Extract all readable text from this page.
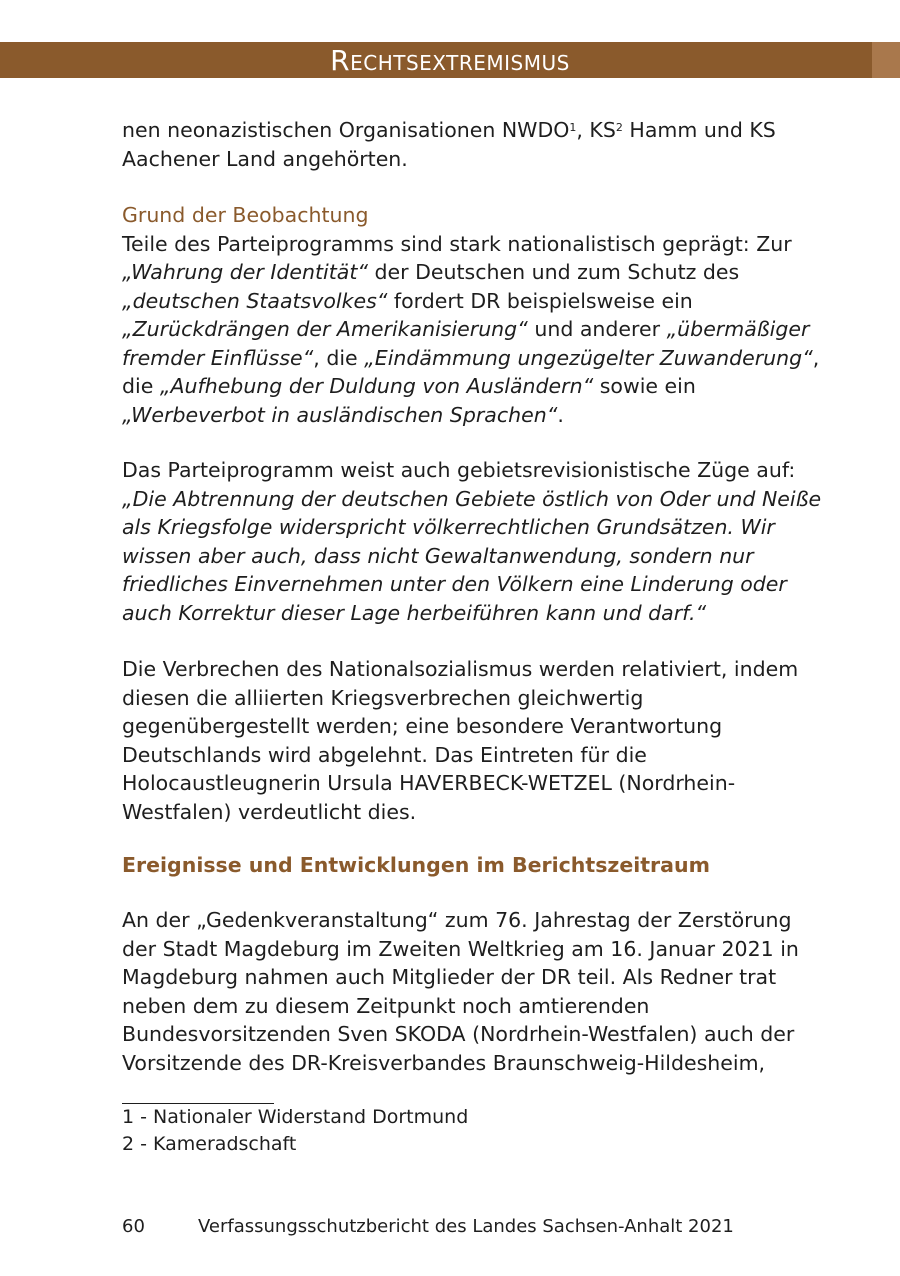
Rechtsextremismus

nen neonazistischen Organisationen NWDO$^1$, $KS^2$ Hamm und KS Aachener Land angehörten.

Grund der Beobachtung

Teile des Parteiprogramms sind stark nationalistisch geprägt: Zur „Wahrung der Identität“ der Deutschen und zum Schutz des „deutschen Staatsvolkes“ fordert DR beispielsweise ein „Zurückdrängen der Amerikanisierung“ und anderer „übermäßiger fremder Einflüsse“, die „Eindämmung ungezügelter Zuwanderung“, die „Aufhebung der Duldung von Ausländern“ sowie ein „Werbeverbot in ausländischen Sprachen“.

Das Parteiprogramm weist auch gebietsrevisionistische Züge auf: „Die Abtrennung der deutschen Gebiete östlich von Oder und Neiße als Kriegsfolge widerspricht völkerrechtlichen Grundsätzen. Wir wissen aber auch, dass nicht Gewaltanwendung, sondern nur friedliches Einvernehmen unter den Völkern eine Linderung oder auch Korrektur dieser Lage herbeiführen kann und darf.“

Die Verbrechen des Nationalsozialismus werden relativiert, indem diesen die alliierten Kriegsverbrechen gleichwertig gegenübergestellt werden; eine besondere Verantwortung Deutschlands wird abgelehnt. Das Eintreten für die Holocaustleugnerin Ursula HAVERBECK-WETZEL (Nordrhein-Westfalen) verdeutlicht dies.

Ereignisse und Entwicklungen im Berichtszeitraum

An der „Gedenkveranstaltung“ zum 76. Jahrestag der Zerstörung der Stadt Magdeburg im Zweiten Weltkrieg am 16. Januar 2021 in Magdeburg nahmen auch Mitglieder der DR teil. Als Redner trat neben dem zu diesem Zeitpunkt noch amtierenden Bundesvorsitzenden Sven SKODA (Nordrhein-Westfalen) auch der Vorsitzende des DR-Kreisverbandes Braunschweig-Hildesheim,

1 - Nationaler Widerstand Dortmund
2 - Kameradschaft
60	Verfassungsschutzbericht des Landes Sachsen-Anhalt 2021
